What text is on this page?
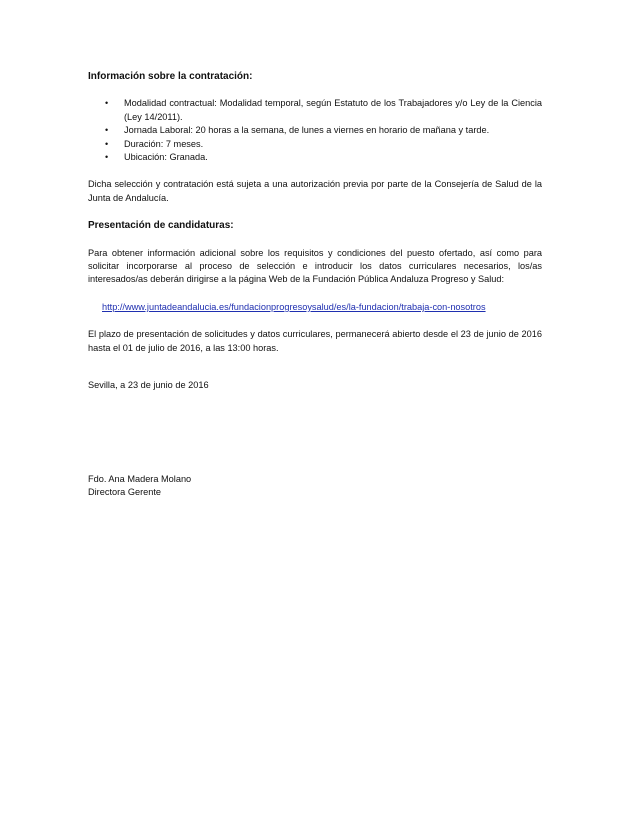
Información sobre la contratación:
• Modalidad contractual: Modalidad temporal, según Estatuto de los Trabajadores y/o Ley de la Ciencia (Ley 14/2011).
• Jornada Laboral: 20 horas a la semana, de lunes a viernes en horario de mañana y tarde.
• Duración: 7 meses.
• Ubicación: Granada.

Dicha selección y contratación está sujeta a una autorización previa por parte de la Consejería de Salud de la Junta de Andalucía.

Presentación de candidaturas:

Para obtener información adicional sobre los requisitos y condiciones del puesto ofertado, así como para solicitar incorporarse al proceso de selección e introducir los datos curriculares necesarios, los/as interesados/as deberán dirigirse a la página Web de la Fundación Pública Andaluza Progreso y Salud:

http://www.juntadeandalucia.es/fundacionprogresoysalud/es/la-fundacion/trabaja-con-nosotros

El plazo de presentación de solicitudes y datos curriculares, permanecerá abierto desde el 23 de junio de 2016 hasta el 01 de julio de 2016, a las 13:00 horas.

Sevilla, a 23 de junio de 2016
Fdo. Ana Madera Molano
Directora Gerente
